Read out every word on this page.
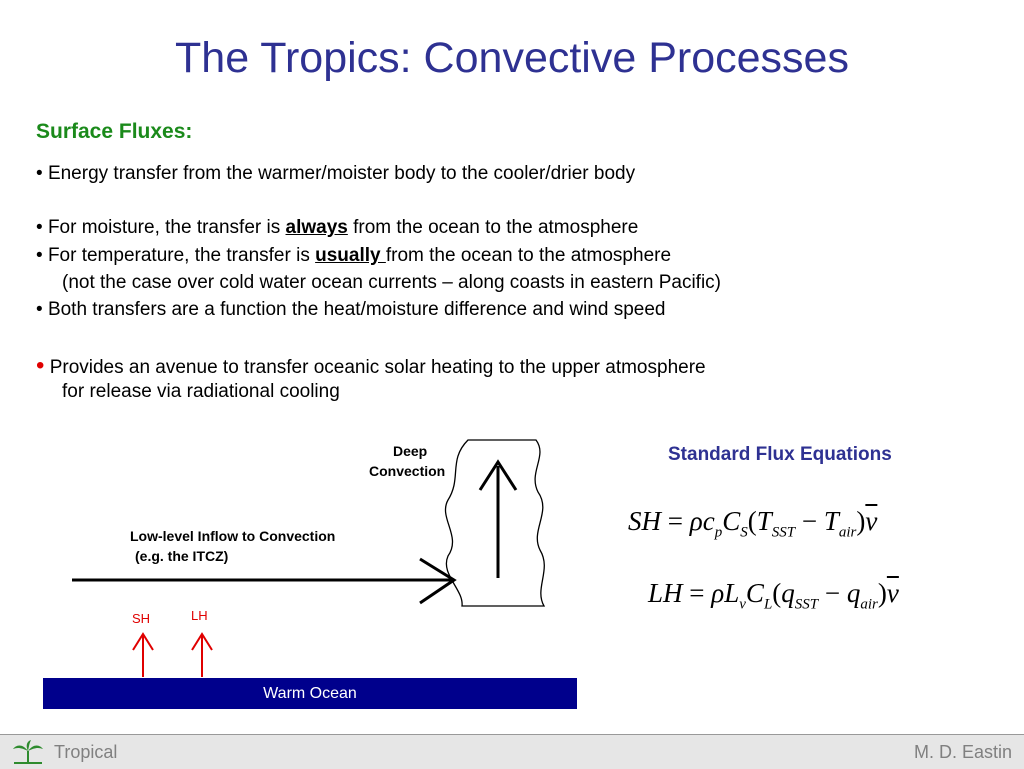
The Tropics: Convective Processes
Surface Fluxes:
• Energy transfer from the warmer/moister body to the cooler/drier body
• For moisture, the transfer is always from the ocean to the atmosphere
• For temperature, the transfer is usually from the ocean to the atmosphere
(not the case over cold water ocean currents – along coasts in eastern Pacific)
• Both transfers are a function the heat/moisture difference and wind speed
• Provides an avenue to transfer oceanic solar heating to the upper atmosphere
for release via radiational cooling
Deep
Convection
Low-level Inflow to Convection
(e.g. the ITCZ)
SH	LH
Warm Ocean
Standard Flux Equations
SH = $\rho c_pC_S(T_{SST} - T_{air})\overline{v}$
LH = $\rho L_vC_L(q_{SST} - q_{air})\overline{v}$
Tropical	M. D. Eastin
